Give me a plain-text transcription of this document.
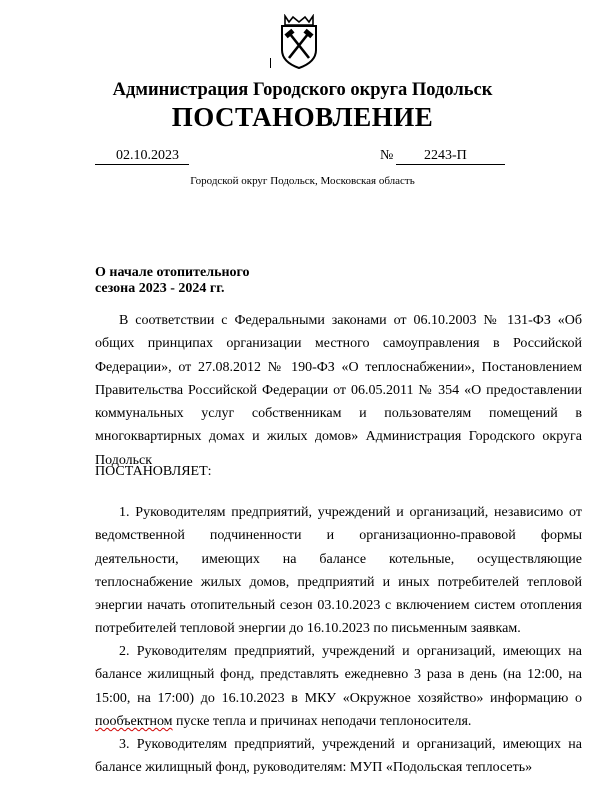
Администрация Городского округа Подольск
ПОСТАНОВЛЕНИЕ
02.10.2023	№	2243-П
Городской округ Подольск, Московская область
О начале отопительного
сезона 2023 - 2024 гг.

В соответствии с Федеральными законами от 06.10.2003 № 131-ФЗ «Об общих принципах организации местного самоуправления в Российской Федерации», от 27.08.2012 № 190-ФЗ «О теплоснабжении», Постановлением Правительства Российской Федерации от 06.05.2011 № 354 «О предоставлении коммунальных услуг собственникам и пользователям помещений в многоквартирных домах и жилых домов» Администрация Городского округа Подольск

ПОСТАНОВЛЯЕТ:

1. Руководителям предприятий, учреждений и организаций, независимо от ведомственной подчиненности и организационно-правовой формы деятельности, имеющих на балансе котельные, осуществляющие теплоснабжение жилых домов, предприятий и иных потребителей тепловой энергии начать отопительный сезон 03.10.2023 с включением систем отопления потребителей тепловой энергии до 16.10.2023 по письменным заявкам.

2. Руководителям предприятий, учреждений и организаций, имеющих на балансе жилищный фонд, представлять ежедневно 3 раза в день (на 12:00, на 15:00, на 17:00) до 16.10.2023 в МКУ «Окружное хозяйство» информацию о пообъектном пуске тепла и причинах неподачи теплоносителя.

3. Руководителям предприятий, учреждений и организаций, имеющих на балансе жилищный фонд, руководителям: МУП «Подольская теплосеть»
